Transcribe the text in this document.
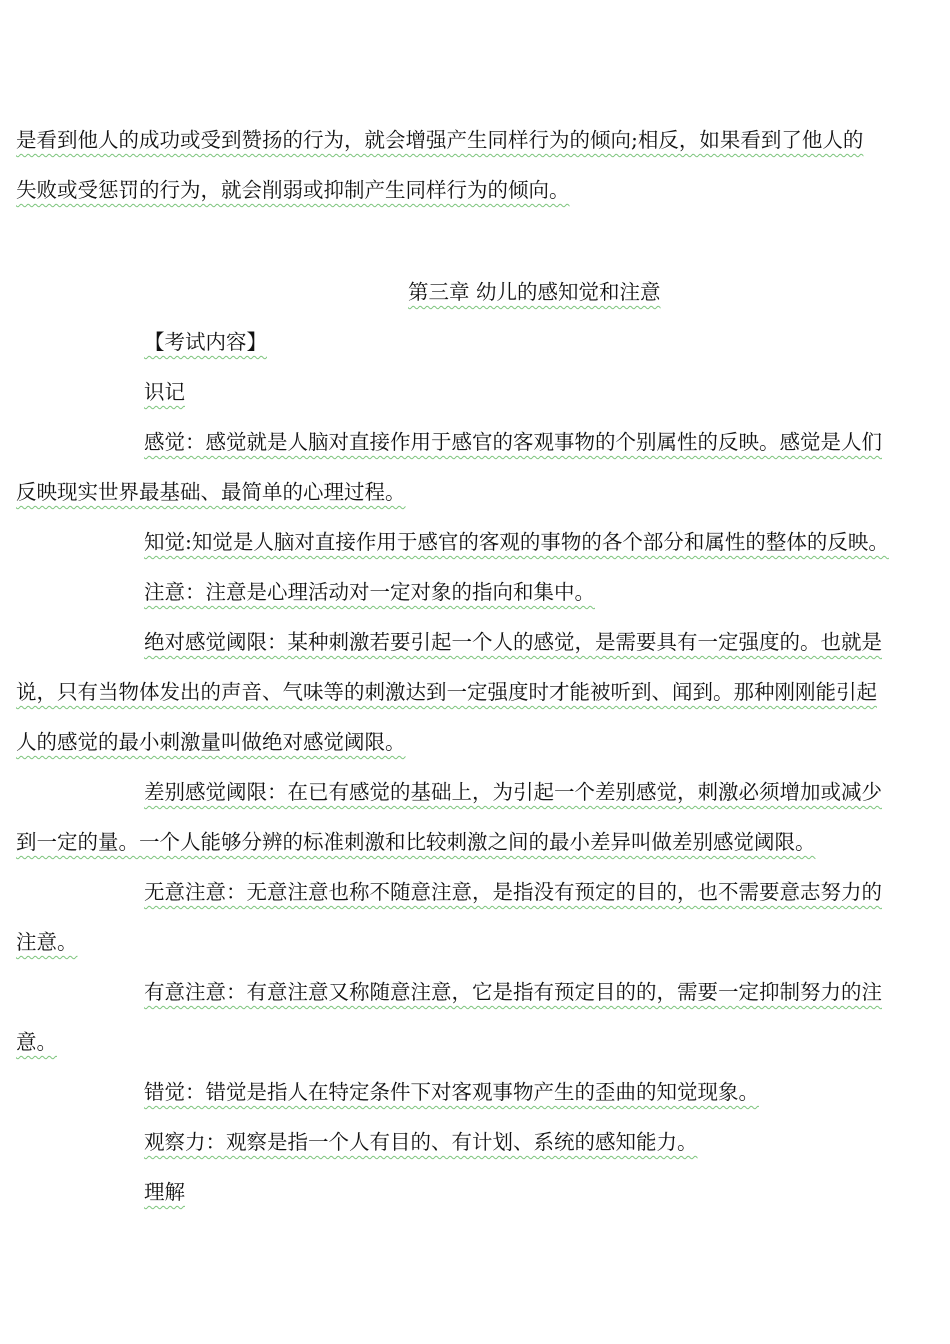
是看到他人的成功或受到赞扬的行为，就会增强产生同样行为的倾向;相反，如果看到了他人的
失败或受惩罚的行为，就会削弱或抑制产生同样行为的倾向。
第三章 幼儿的感知觉和注意
【考试内容】
识记
感觉：感觉就是人脑对直接作用于感官的客观事物的个别属性的反映。感觉是人们
反映现实世界最基础、最简单的心理过程。
知觉:知觉是人脑对直接作用于感官的客观的事物的各个部分和属性的整体的反映。
注意：注意是心理活动对一定对象的指向和集中。
绝对感觉阈限：某种刺激若要引起一个人的感觉，是需要具有一定强度的。也就是
说，只有当物体发出的声音、气味等的刺激达到一定强度时才能被听到、闻到。那种刚刚能引起
人的感觉的最小刺激量叫做绝对感觉阈限。
差别感觉阈限：在已有感觉的基础上，为引起一个差别感觉，刺激必须增加或减少
到一定的量。一个人能够分辨的标准刺激和比较刺激之间的最小差异叫做差别感觉阈限。
无意注意：无意注意也称不随意注意，是指没有预定的目的，也不需要意志努力的
注意。
有意注意：有意注意又称随意注意，它是指有预定目的的，需要一定抑制努力的注
意。
错觉：错觉是指人在特定条件下对客观事物产生的歪曲的知觉现象。
观察力：观察是指一个人有目的、有计划、系统的感知能力。
理解
